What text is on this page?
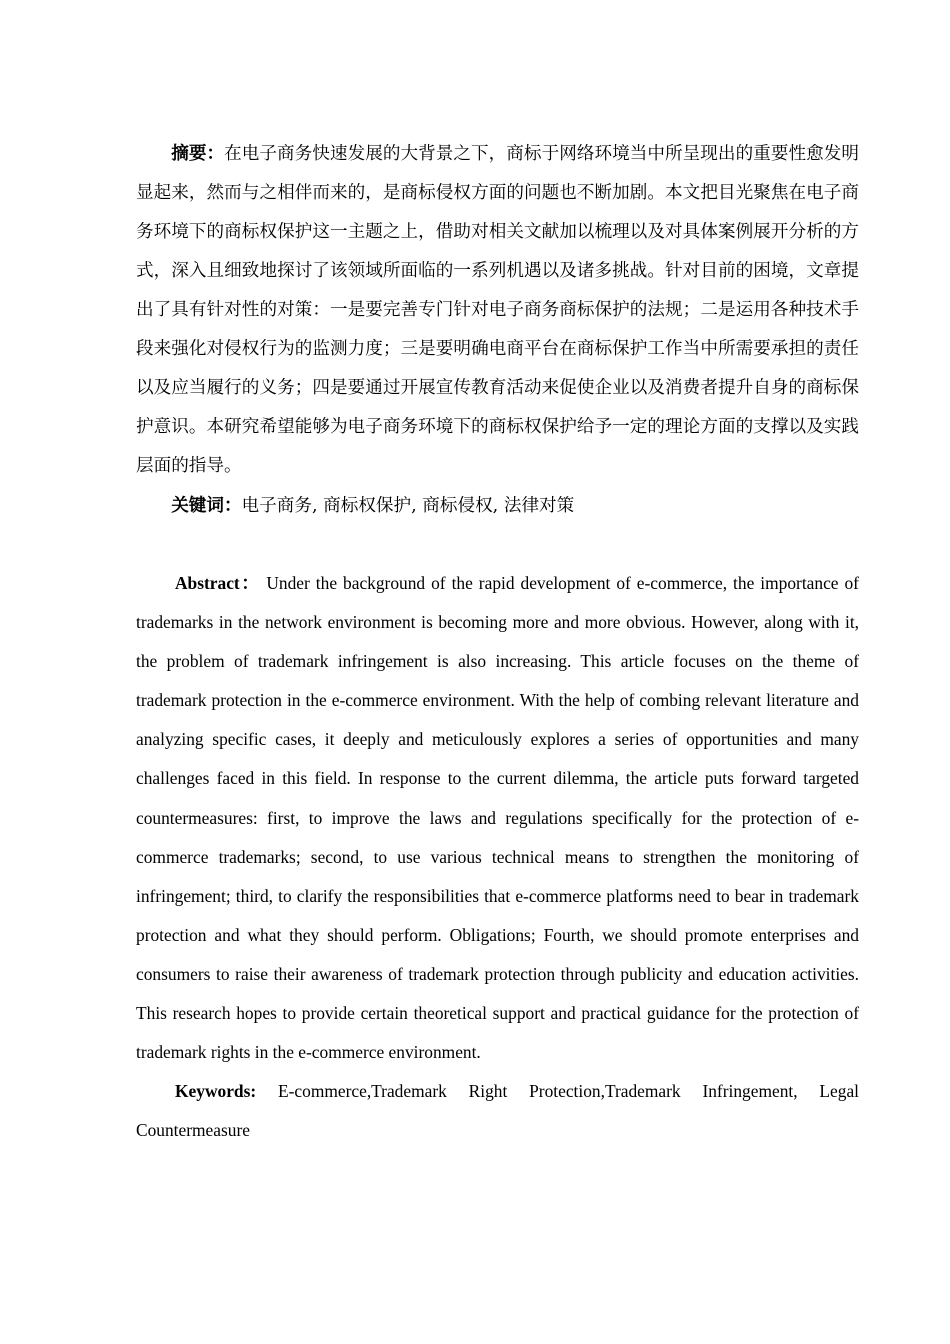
摘要：在电子商务快速发展的大背景之下，商标于网络环境当中所呈现出的重要性愈发明显起来，然而与之相伴而来的，是商标侵权方面的问题也不断加剧。本文把目光聚焦在电子商务环境下的商标权保护这一主题之上，借助对相关文献加以梳理以及对具体案例展开分析的方式，深入且细致地探讨了该领域所面临的一系列机遇以及诸多挑战。针对目前的困境，文章提出了具有针对性的对策：一是要完善专门针对电子商务商标保护的法规；二是运用各种技术手段来强化对侵权行为的监测力度；三是要明确电商平台在商标保护工作当中所需要承担的责任以及应当履行的义务；四是要通过开展宣传教育活动来促使企业以及消费者提升自身的商标保护意识。本研究希望能够为电子商务环境下的商标权保护给予一定的理论方面的支撑以及实践层面的指导。

关键词：电子商务, 商标权保护, 商标侵权, 法律对策

Abstract： Under the background of the rapid development of e-commerce, the importance of trademarks in the network environment is becoming more and more obvious. However, along with it, the problem of trademark infringement is also increasing. This article focuses on the theme of trademark protection in the e-commerce environment. With the help of combing relevant literature and analyzing specific cases, it deeply and meticulously explores a series of opportunities and many challenges faced in this field. In response to the current dilemma, the article puts forward targeted countermeasures: first, to improve the laws and regulations specifically for the protection of e-commerce trademarks; second, to use various technical means to strengthen the monitoring of infringement; third, to clarify the responsibilities that e-commerce platforms need to bear in trademark protection and what they should perform. Obligations; Fourth, we should promote enterprises and consumers to raise their awareness of trademark protection through publicity and education activities. This research hopes to provide certain theoretical support and practical guidance for the protection of trademark rights in the e-commerce environment.

Keywords: E-commerce,Trademark Right Protection,Trademark Infringement, Legal Countermeasure
